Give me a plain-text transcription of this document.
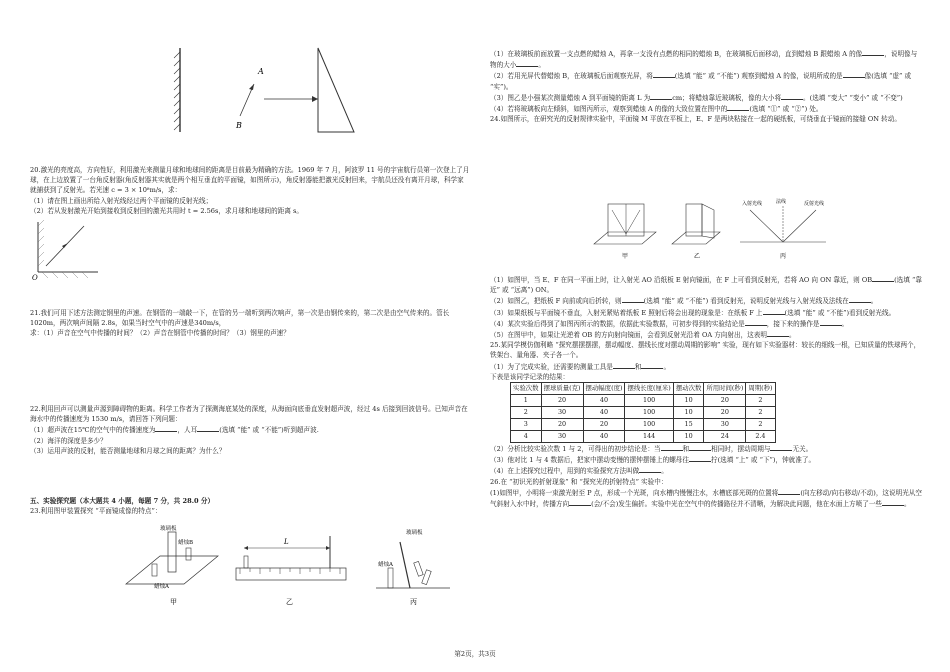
A
B

20.激光的亮度高，方向性好，利用激光来测量月球和地球间的距离是目前最为精确的方法。1969 年 7 月，阿波罗 11 号的宇宙航行员第一次登上了月球，在上边放置了一台角反射器(角反射器其实就是两个相互垂直的平面镜，如图所示)，角反射器能把激光反射回来，宇航员还没有离开月球，科学家就捕获到了反射光。若光速 c = 3 × 10⁸m/s，求：

（1）请在图上画出所给入射光线经过两个平面镜的反射光线；

（2）若从发射激光开始到接收到反射回的激光共用时 t = 2.56s，求月球和地球间的距离 s。

O

21.我们可用下述方法测定钢里的声速。在钢管的一端敲一下，在管的另一端听到两次响声，第一次是由钢传来的，第二次是由空气传来的。管长 1020m，两次响声间隔 2.8s，如果当时空气中的声速是340m/s，

求：（1）声音在空气中传播的时间？（2）声音在钢管中传播的时间？（3）钢里的声速？

22.利用回声可以测量声源到障碍物的距离。科学工作者为了探测海底某处的深度，从海面向底垂直发射超声波，经过 4s 后接到回波信号。已知声音在海水中的传播速度为 1530 m/s，请回答下列问题：

（1）超声波在15℃的空气中的传播速度为	，人耳	(选填 “能” 或 “不能”)听到超声波.

（2）海洋的深度是多少？

（3）运用声波的反射，能否测量地球和月球之间的距离？为什么？

五、实验探究题（本大题共 4 小题，每题 7 分，共 28.0 分）

23.利用图甲装置探究 “平面镜成像的特点”：

玻璃板
蜡烛B
蜡烛A
甲
L
乙
玻璃板
蜡烛A
丙

（1）在玻璃板前面放置一支点燃的蜡烛 A，再拿一支没有点燃的相同的蜡烛 B，在玻璃板后面移动，直到蜡烛 B 跟蜡烛 A 的像	，说明像与物的大小	。

（2）若用光屏代替蜡烛 B，在玻璃板后面观察光屏，将	(选填 “能” 或 “不能”) 观察到蜡烛 A 的像，说明所成的是	像(选填 “虚” 或 “实”)。

（3）图乙是小强某次测量蜡烛 A 到平面镜的距离 L 为	cm；将蜡烛靠近玻璃板，像的大小将	。(选填 “变大” “变小” 或 “不变”)

（4）若将玻璃板向左倾斜，如图丙所示，观察到蜡烛 A 的像的大致位置在图中的	(选填 “①” 或 “②”) 处。

24.如图所示，在研究光的反射规律实验中，平面镜 M 平放在平板上，E、F 是两块粘接在一起的硬纸板，可绕垂直于镜面的接缝 ON 转动。

甲	乙
入射光线	法线	反射光线
丙

（1）如图甲，当 E、F 在同一平面上时，让入射光 AO 沿纸板 E 射向镜面，在 F 上可看到反射光，若将 AO 向 ON 靠近，则 OB	(选填 “靠近” 或 “远离”) ON。

（2）如图乙，把纸板 F 向前或向后折转，则	(选填 “能” 或 “不能”) 看到反射光，说明反射光线与入射光线及法线在	。

（3）如果纸板与平面镜不垂直，入射光紧贴着纸板 E 照射后将会出现的现象是：在纸板 F 上	(选填 “能” 或 “不能”)看到反射光线。

（4）某次实验后得到了如图丙所示的数据，依据此实验数据，可初步得到的实验结论是	，接下来的操作是	。

（5）在图甲中，如果让光逆着 OB 的方向射向镜面，会看到反射光沿着 OA 方向射出，这表明	。

25.某同学模仿伽利略 “探究摆摆摆摆，摆动幅度、摆线长度对摆动周期的影响” 实验，现有如下实验器材：较长的细线一根，已知质量的铁球两个，铁架台、量角器、夹子各一个。

（1）为了完成实验，还需要的测量工具是	和	。

下表是该同学记录的结果：

实验次数	摆球质量(克)	摆动幅度(度)	摆线长度(厘米)	摆动次数	所用时间(秒)	周期(秒)
1	20	40	100	10	20	2
2	30	40	100	10	20	2
3	20	20	100	15	30	2
4	30	40	144	10	24	2.4

（2）分析比较实验次数 1 与 2，可得出的初步结论是：当	和	相同时，摆动周期与	无关。

（3）他对比 1 与 4 数据后，把家中摆动变慢的摆钟摆锤上的螺母往	拧(选填 “上” 或 “下”)，钟就准了。

（4）在上述探究过程中，用到的实验探究方法叫做	。

26.在 “初识光的折射现象” 和 “探究光的折射特点” 实验中：

(1)如图甲，小明将一束激光射至 P 点，形成一个光斑，向水槽内慢慢注水，水槽底部光斑的位置将	(向左移动/向右移动/不动)，这说明光从空气斜射入水中时，传播方向	(会/不会)发生偏折。实验中光在空气中的传播路径并不清晰，为解决此问题，他在水面上方喷了一些	。

第2页，共3页
